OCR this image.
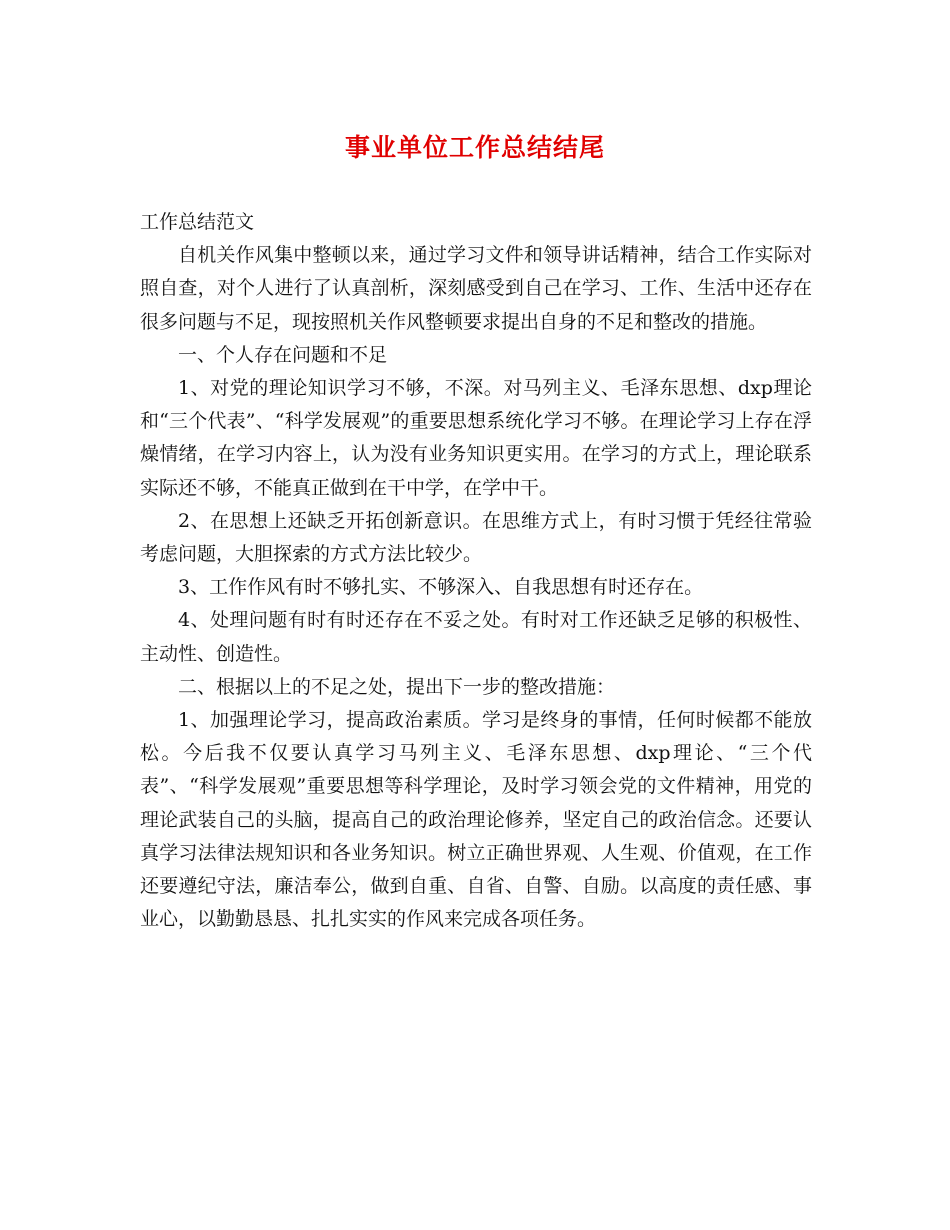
事业单位工作总结结尾

工作总结范文

自机关作风集中整顿以来，通过学习文件和领导讲话精神，结合工作实际对照自查，对个人进行了认真剖析，深刻感受到自己在学习、工作、生活中还存在很多问题与不足，现按照机关作风整顿要求提出自身的不足和整改的措施。

一、个人存在问题和不足

1、对党的理论知识学习不够，不深。对马列主义、毛泽东思想、dxp理论和“三个代表”、“科学发展观”的重要思想系统化学习不够。在理论学习上存在浮燥情绪，在学习内容上，认为没有业务知识更实用。在学习的方式上，理论联系实际还不够，不能真正做到在干中学，在学中干。

2、在思想上还缺乏开拓创新意识。在思维方式上，有时习惯于凭经往常验考虑问题，大胆探索的方式方法比较少。

3、工作作风有时不够扎实、不够深入、自我思想有时还存在。

4、处理问题有时有时还存在不妥之处。有时对工作还缺乏足够的积极性、主动性、创造性。

二、根据以上的不足之处，提出下一步的整改措施：

1、加强理论学习，提高政治素质。学习是终身的事情，任何时候都不能放松。今后我不仅要认真学习马列主义、毛泽东思想、dxp理论、“三个代表”、“科学发展观”重要思想等科学理论，及时学习领会党的文件精神，用党的理论武装自己的头脑，提高自己的政治理论修养，坚定自己的政治信念。还要认真学习法律法规知识和各业务知识。树立正确世界观、人生观、价值观，在工作还要遵纪守法，廉洁奉公，做到自重、自省、自警、自励。以高度的责任感、事业心，以勤勤恳恳、扎扎实实的作风来完成各项任务。
